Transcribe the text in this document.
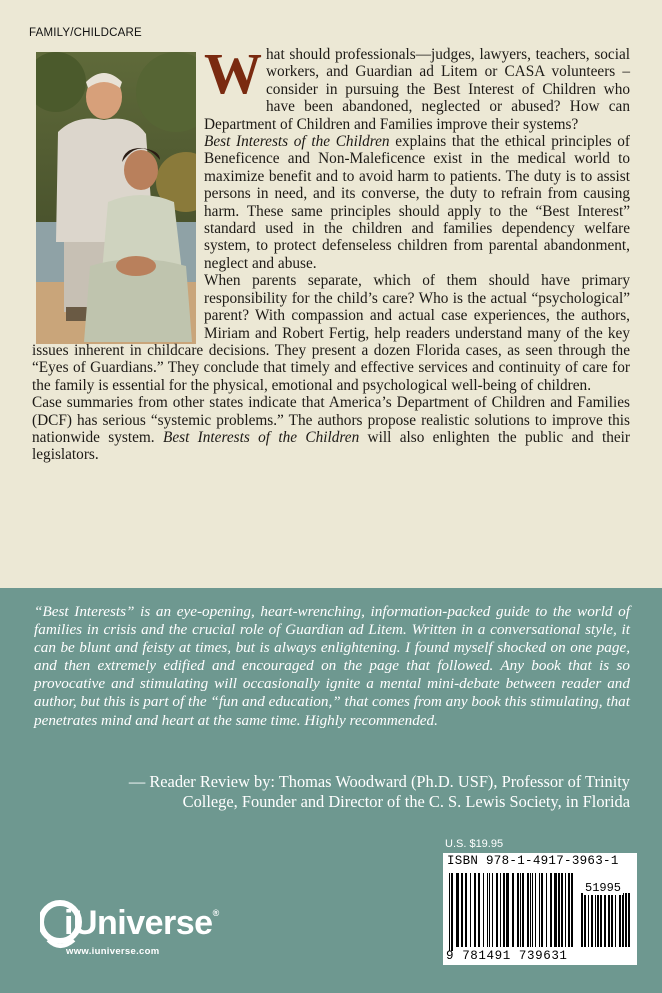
FAMILY/CHILDCARE
W hat should professionals—judges, lawyers, teachers, social workers, and Guardian ad Litem or CASA volunteers –consider in pursuing the Best Interest of Children who have been abandoned, neglected or abused? How can Department of Children and Families improve their systems?

Best Interests of the Children explains that the ethical principles of Beneficence and Non-Maleficence exist in the medical world to maximize benefit and to avoid harm to patients. The duty is to assist persons in need, and its converse, the duty to refrain from causing harm. These same principles should apply to the “Best Interest” standard used in the children and families dependency welfare system, to protect defenseless children from parental abandonment, neglect and abuse.

When parents separate, which of them should have primary responsibility for the child’s care? Who is the actual “psychological” parent? With compassion and actual case experiences, the authors, Miriam and Robert Fertig, help readers understand many of the key issues inherent in childcare decisions. They present a dozen Florida cases, as seen through the “Eyes of Guardians.” They conclude that timely and effective services and continuity of care for the family is essential for the physical, emotional and psychological well-being of children.

Case summaries from other states indicate that America’s Department of Children and Families (DCF) has serious “systemic problems.” The authors propose realistic solutions to improve this nationwide system. Best Interests of the Children will also enlighten the public and their legislators.

“Best Interests” is an eye-opening, heart-wrenching, information-packed guide to the world of families in crisis and the crucial role of Guardian ad Litem. Written in a conversational style, it can be blunt and feisty at times, but is always enlightening. I found myself shocked on one page, and then extremely edified and encouraged on the page that followed. Any book that is so provocative and stimulating will occasionally ignite a mental mini-debate between reader and author, but this is part of the “fun and education,” that comes from any book this stimulating, that penetrates mind and heart at the same time. Highly recommended.
— Reader Review by: Thomas Woodward (Ph.D. USF), Professor of Trinity College, Founder and Director of the C. S. Lewis Society, in Florida
U.S. $19.95
ISBN 978-1-4917-3963-1
51995
9 781491 739631
iUniverse®
www.iuniverse.com
